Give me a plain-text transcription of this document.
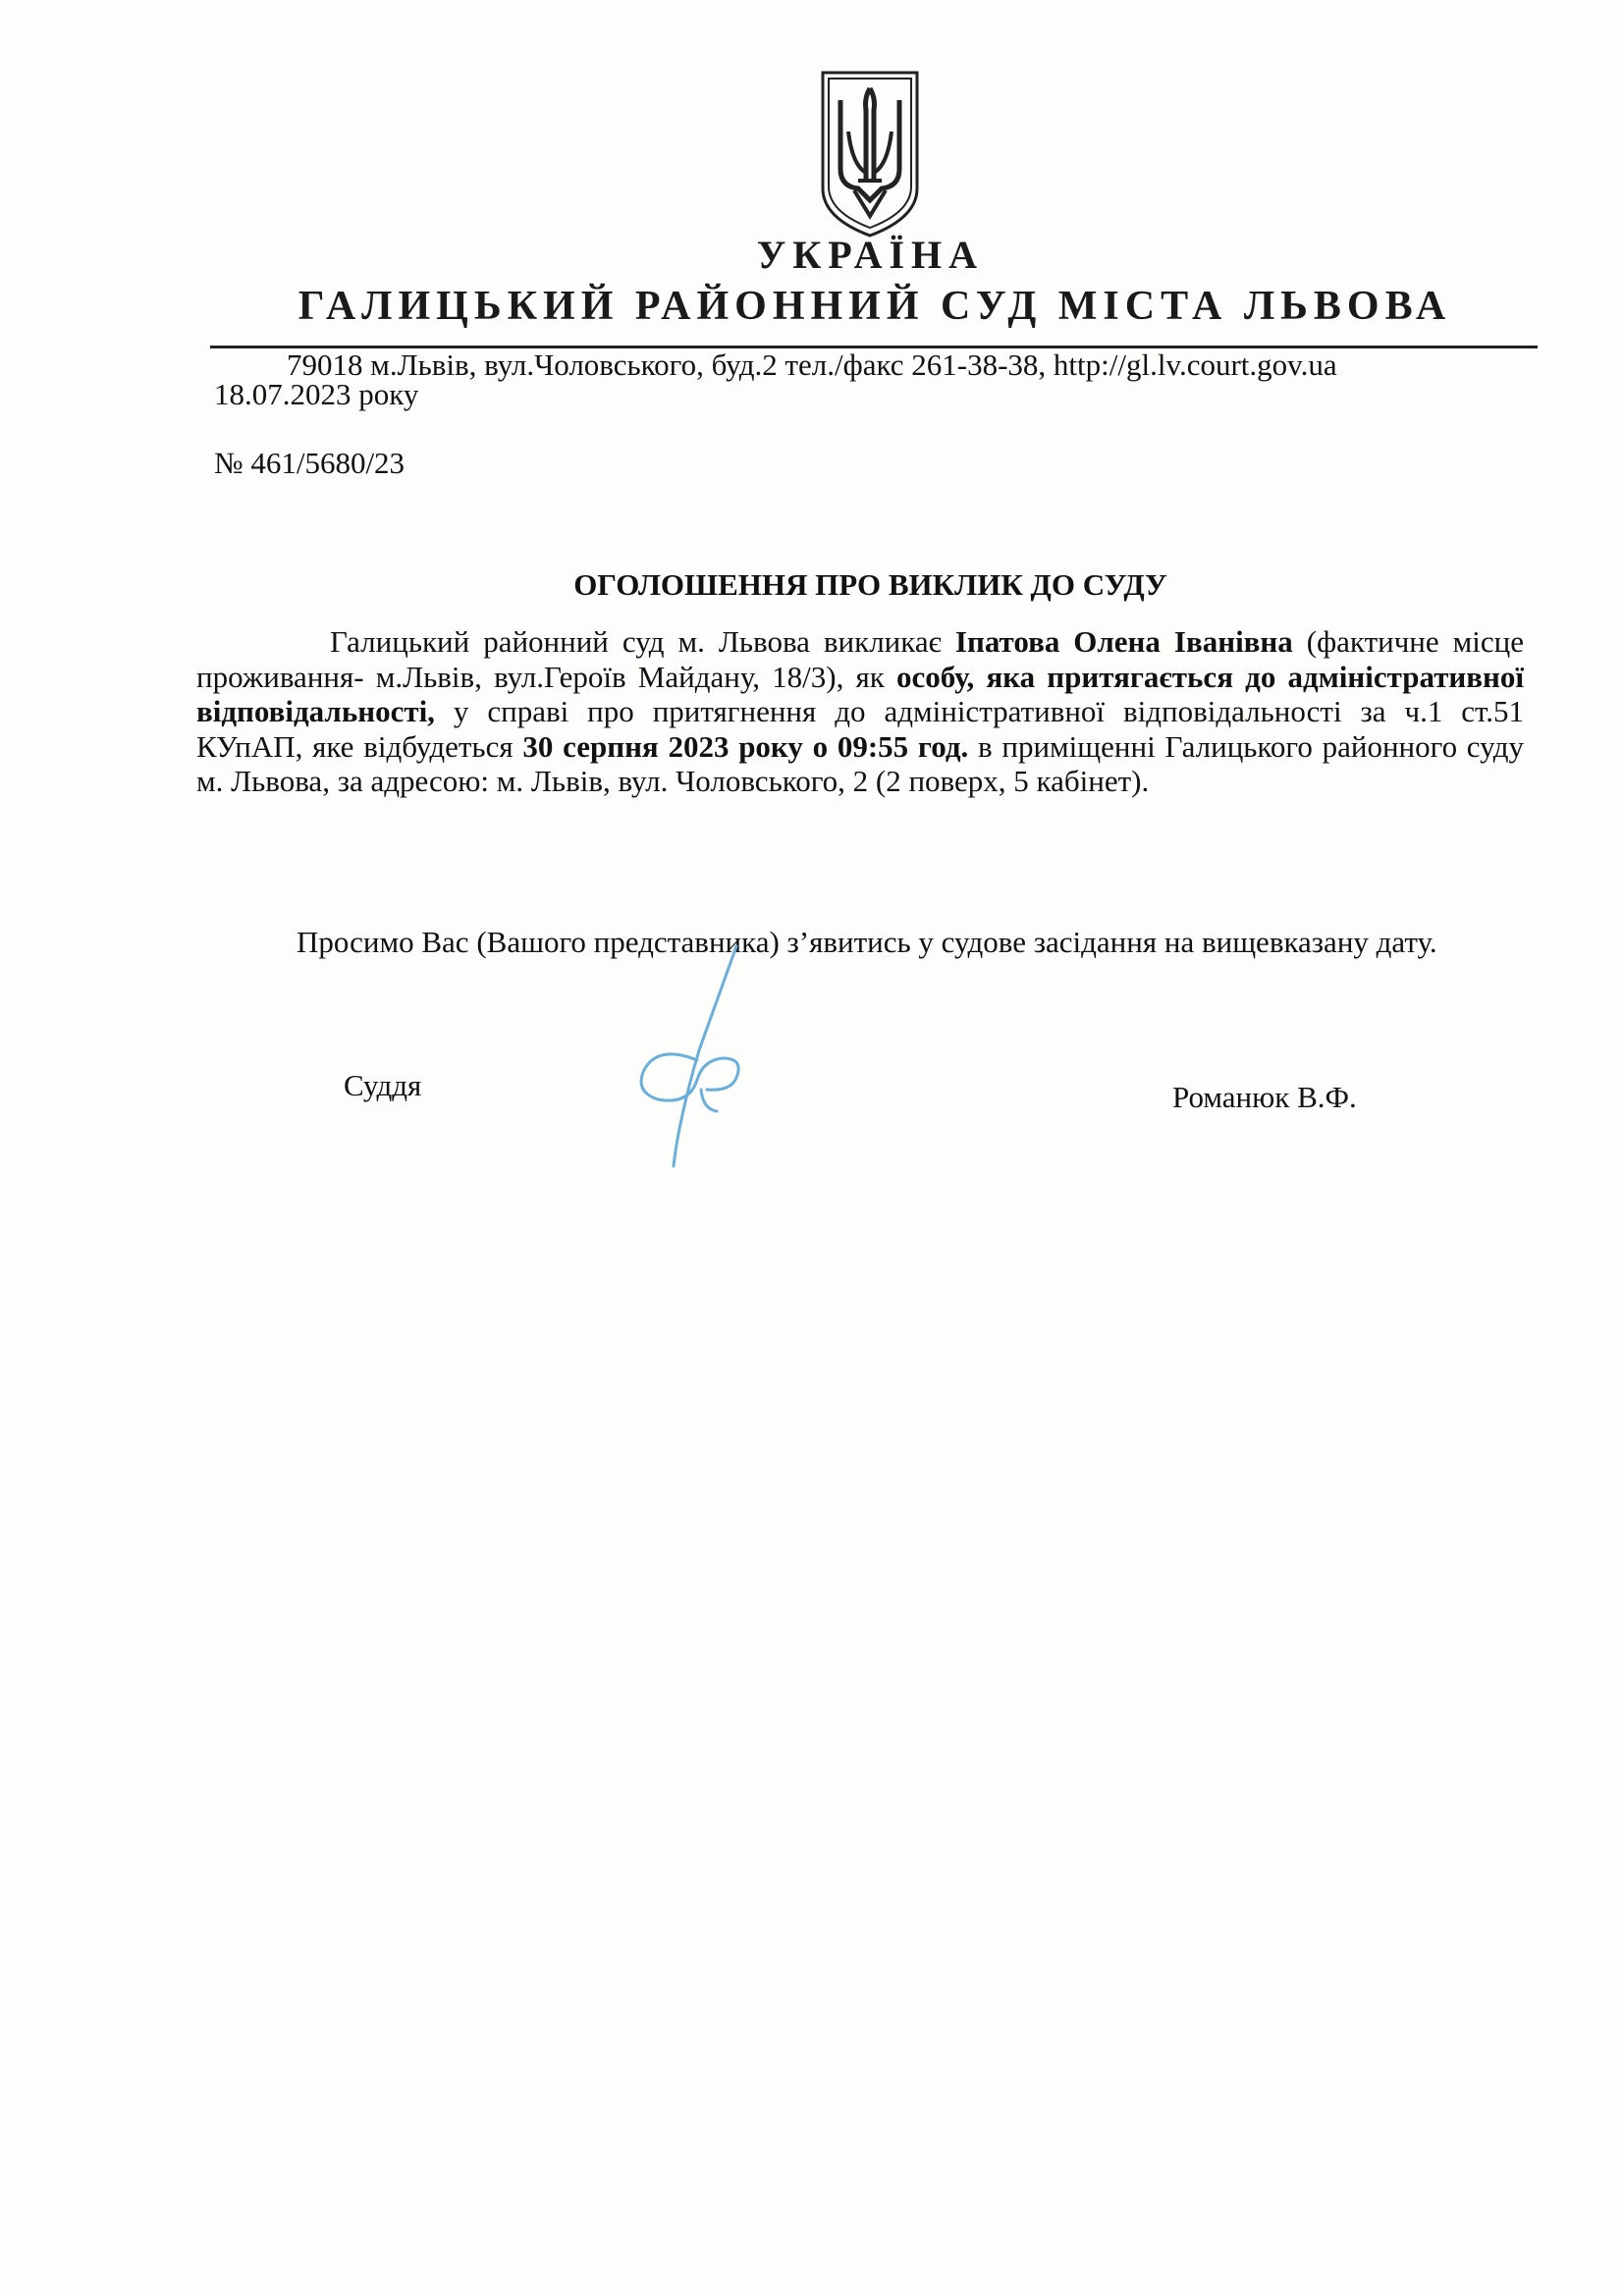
УКРАЇНА
ГАЛИЦЬКИЙ РАЙОННИЙ СУД МІСТА ЛЬВОВА
79018 м.Львів, вул.Чоловського, буд.2 тел./факс 261-38-38, http://gl.lv.court.gov.ua
18.07.2023 року
№ 461/5680/23
ОГОЛОШЕННЯ ПРО ВИКЛИК ДО СУДУ
Галицький районний суд м. Львова викликає Іпатова Олена Іванівна (фактичне місце проживання- м.Львів, вул.Героїв Майдану, 18/3), як особу, яка притягається до адміністративної відповідальності, у справі про притягнення до адміністративної відповідальності за ч.1 ст.51 КУпАП, яке відбудеться 30 серпня 2023 року о 09:55 год. в приміщенні Галицького районного суду м. Львова, за адресою: м. Львів, вул. Чоловського, 2 (2 поверх, 5 кабінет).
Просимо Вас (Вашого представника) з’явитись у судове засідання на вищевказану дату.
Суддя	Романюк В.Ф.
